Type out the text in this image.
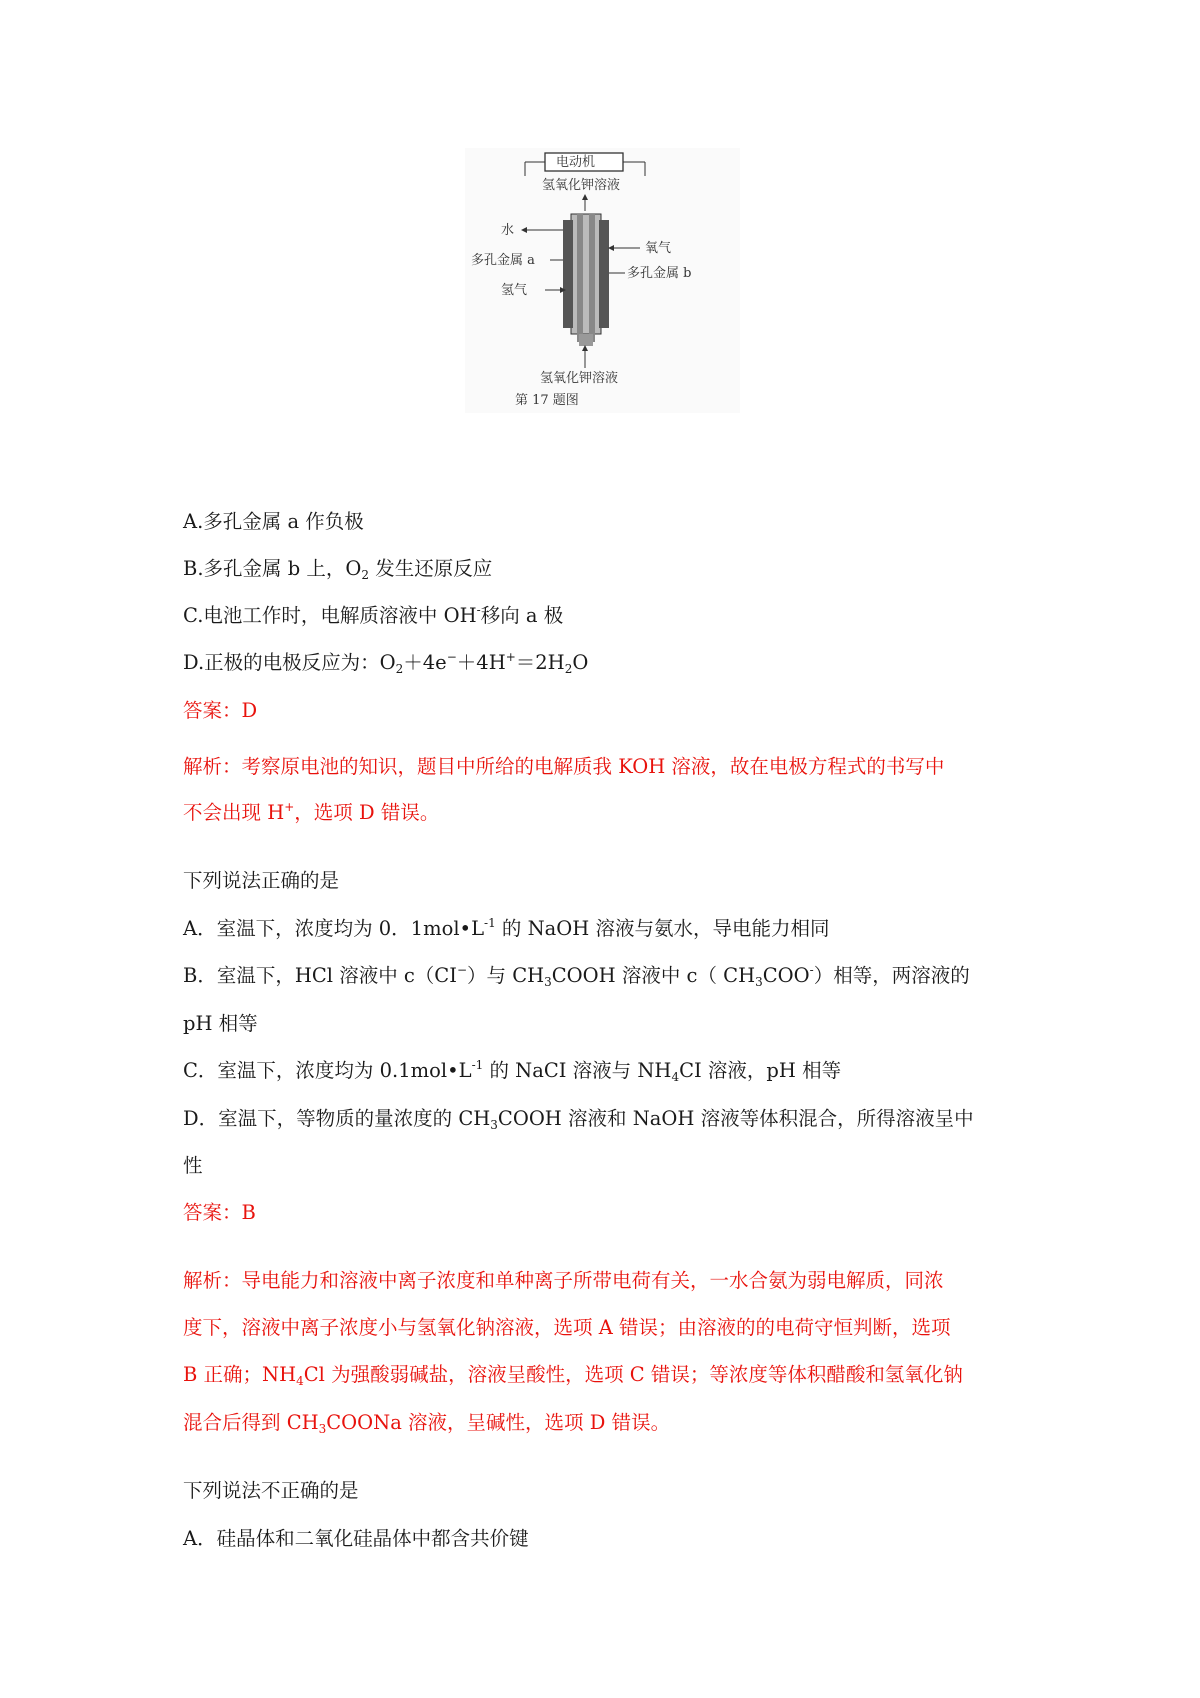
电动机
氢氧化钾溶液
水
多孔金属 a
氢气
氧气
多孔金属 b
氢氧化钾溶液
第 17 题图
A.多孔金属 a 作负极
B.多孔金属 b 上，$O_2$ 发生还原反应
C.电池工作时，电解质溶液中 OH-移向 a 极
D.正极的电极反应为：$O_2+4e^-+4H^+=2H_2O$
答案：D
解析：考察原电池的知识，题目中所给的电解质我 KOH 溶液，故在电极方程式的书写中
不会出现 H+，选项 D 错误。
下列说法正确的是
A．室温下，浓度均为 0．$1mol•L^{-1}$ 的 NaOH 溶液与氨水，导电能力相同
B．室温下，HCl 溶液中 c（CI−）与 $CH_3COOH$ 溶液中 c（ $CH_3COO^-$）相等，两溶液的
pH 相等
C．室温下，浓度均为 $0.1mol•L^{-1}$ 的 NaCI 溶液与 $NH_4CI$ 溶液，pH 相等
D．室温下，等物质的量浓度的 $CH_3COOH$ 溶液和 NaOH 溶液等体积混合，所得溶液呈中
性
答案：B
解析：导电能力和溶液中离子浓度和单种离子所带电荷有关，一水合氨为弱电解质，同浓
度下，溶液中离子浓度小与氢氧化钠溶液，选项 A 错误；由溶液的的电荷守恒判断，选项
B 正确；$NH_4Cl$ 为强酸弱碱盐，溶液呈酸性，选项 C 错误；等浓度等体积醋酸和氢氧化钠
混合后得到 $CH_3COONa$ 溶液，呈碱性，选项 D 错误。
下列说法不正确的是
A．硅晶体和二氧化硅晶体中都含共价键
